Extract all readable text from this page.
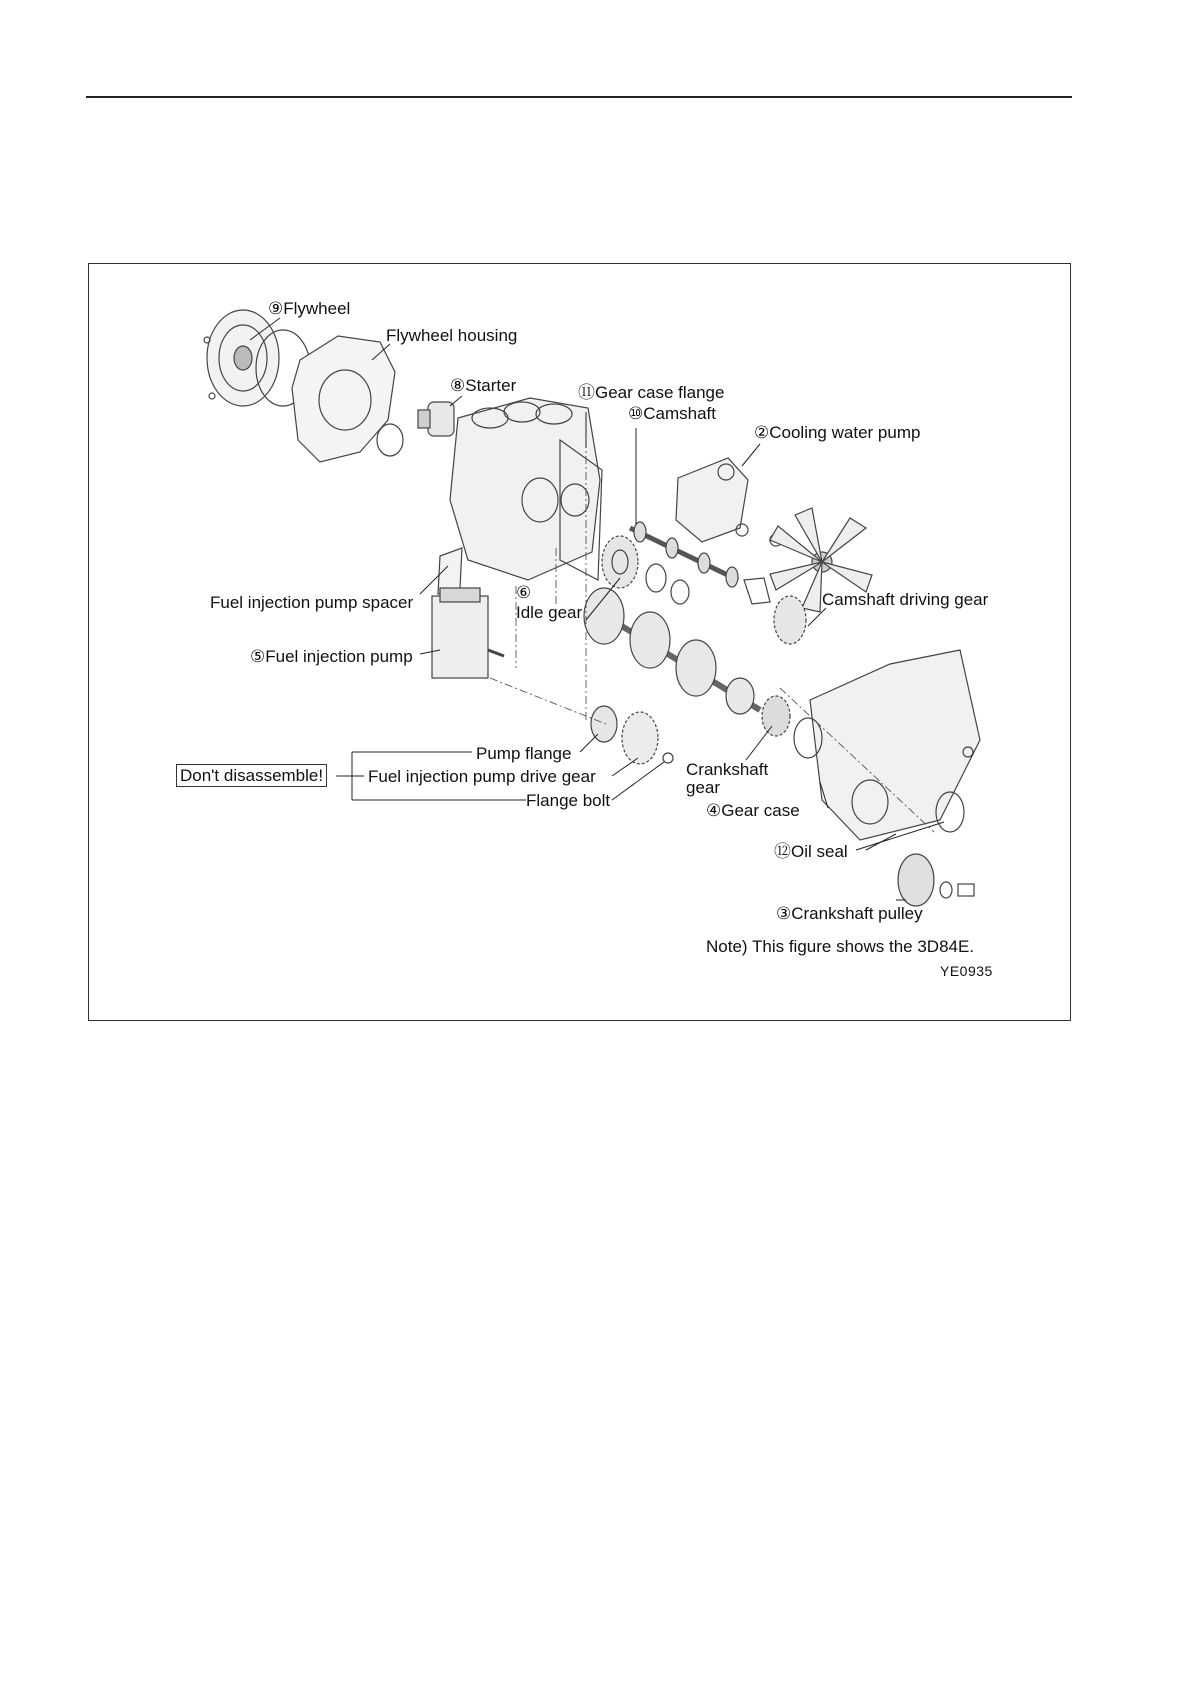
⑨Flywheel
Flywheel housing
⑧Starter	⑪Gear case flange
⑩Camshaft
②Cooling water pump
Fuel injection pump spacer
⑥
Idle gear
Camshaft driving gear
⑤Fuel injection pump
Pump flange
Don't disassemble!	Fuel injection pump drive gear
Flange bolt
Crankshaft
gear
④Gear case
⑫Oil seal
③Crankshaft pulley
Note) This figure shows the 3D84E.
YE0935
